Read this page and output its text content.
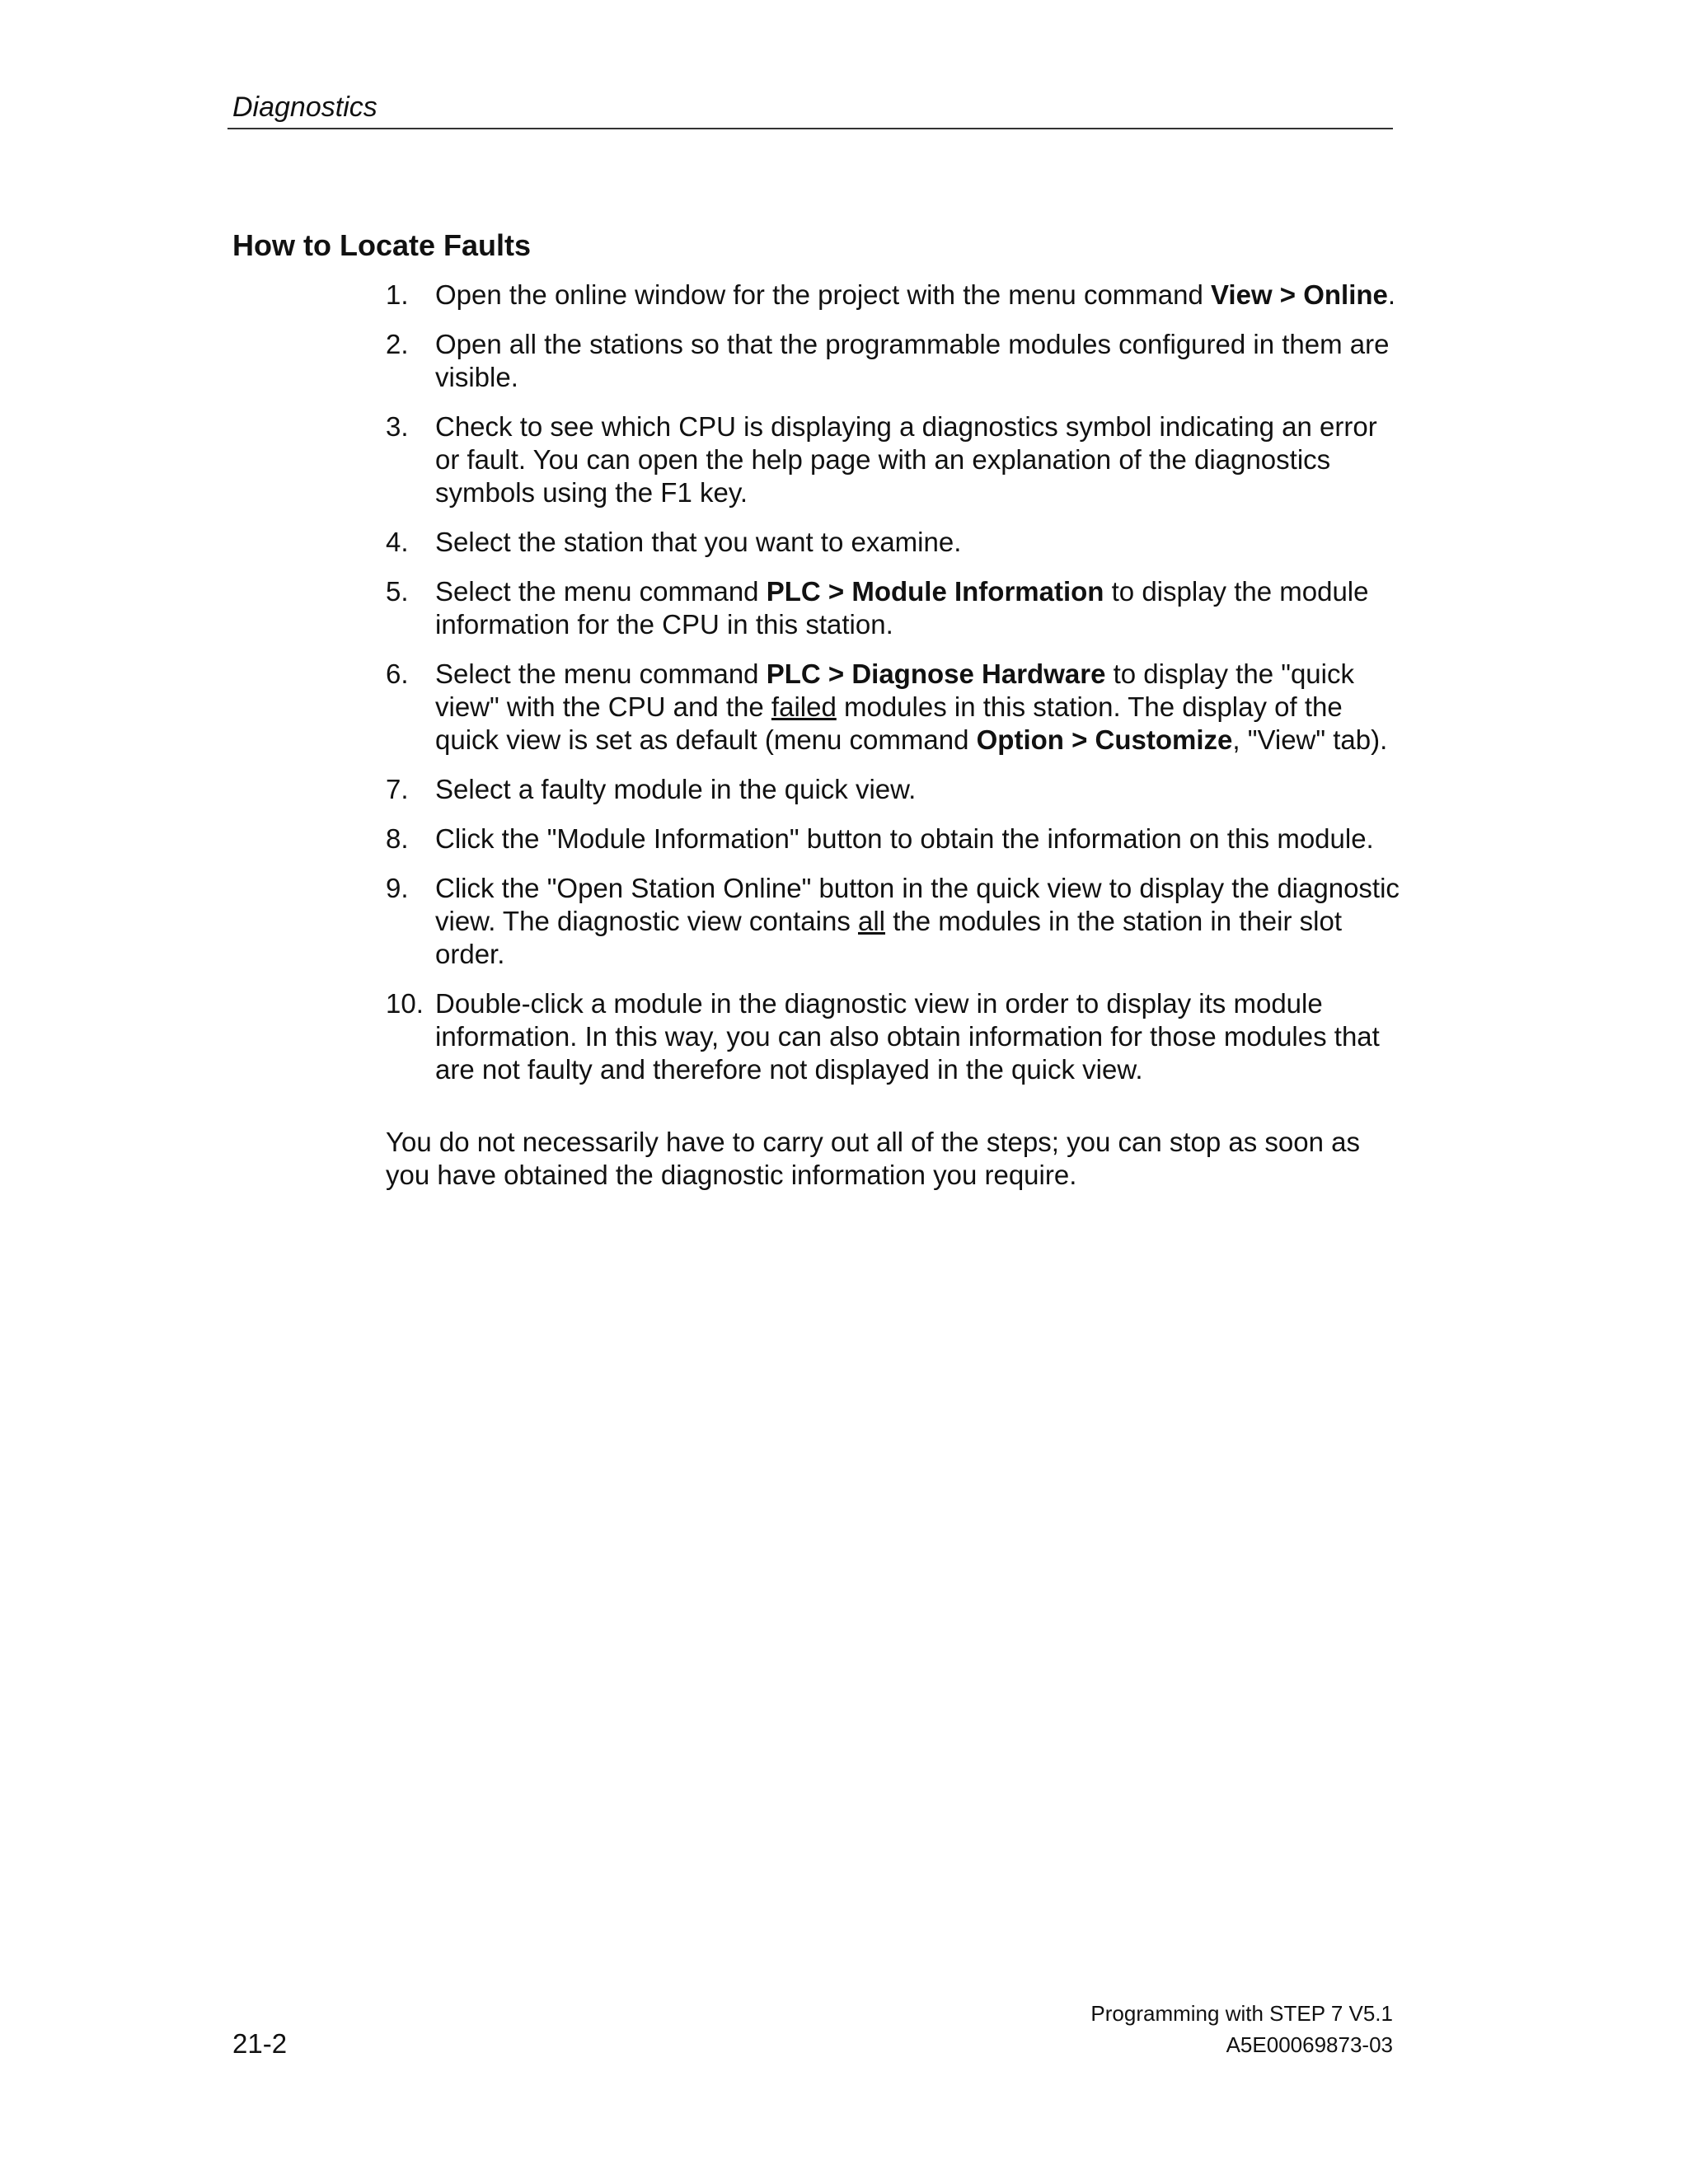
Diagnostics
How to Locate Faults
1. Open the online window for the project with the menu command View > Online.
2. Open all the stations so that the programmable modules configured in them are visible.
3. Check to see which CPU is displaying a diagnostics symbol indicating an error or fault. You can open the help page with an explanation of the diagnostics symbols using the F1 key.
4. Select the station that you want to examine.
5. Select the menu command PLC > Module Information to display the module information for the CPU in this station.
6. Select the menu command PLC > Diagnose Hardware to display the "quick view" with the CPU and the failed modules in this station. The display of the quick view is set as default (menu command Option > Customize, "View" tab).
7. Select a faulty module in the quick view.
8. Click the "Module Information" button to obtain the information on this module.
9. Click the "Open Station Online" button in the quick view to display the diagnostic view. The diagnostic view contains all the modules in the station in their slot order.
10. Double-click a module in the diagnostic view in order to display its module information. In this way, you can also obtain information for those modules that are not faulty and therefore not displayed in the quick view.

You do not necessarily have to carry out all of the steps; you can stop as soon as you have obtained the diagnostic information you require.

21-2
Programming with STEP 7 V5.1
A5E00069873-03
